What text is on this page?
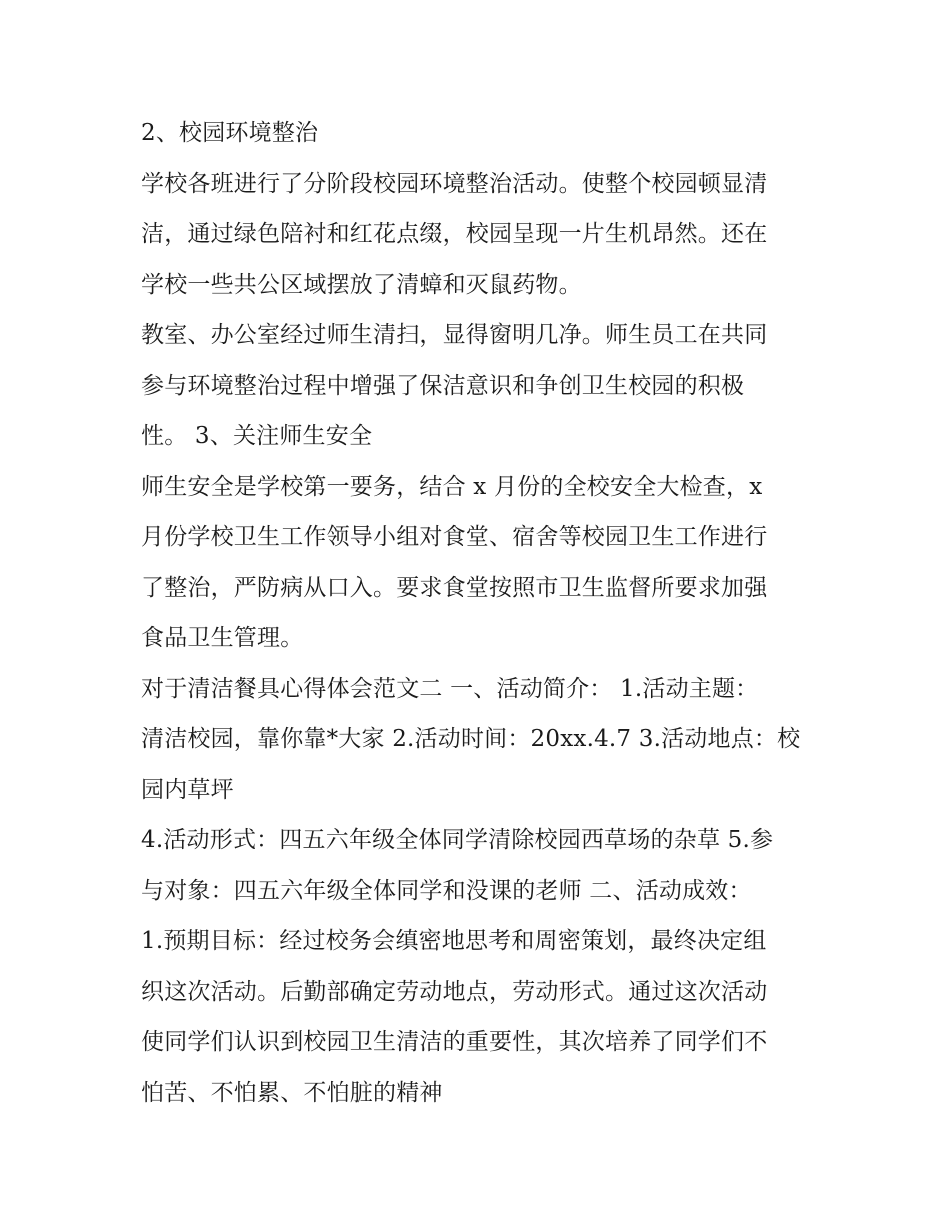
2、校园环境整治
学校各班进行了分阶段校园环境整治活动。使整个校园顿显清
洁，通过绿色陪衬和红花点缀，校园呈现一片生机昂然。还在
学校一些共公区域摆放了清蟑和灭鼠药物。
教室、办公室经过师生清扫，显得窗明几净。师生员工在共同
参与环境整治过程中增强了保洁意识和争创卫生校园的积极
性。 3、关注师生安全
师生安全是学校第一要务，结合 x 月份的全校安全大检查，x
月份学校卫生工作领导小组对食堂、宿舍等校园卫生工作进行
了整治，严防病从口入。要求食堂按照市卫生监督所要求加强
食品卫生管理。
对于清洁餐具心得体会范文二 一、活动简介： 1.活动主题：
清洁校园，靠你靠*大家 2.活动时间：20xx.4.7 3.活动地点：校
园内草坪
4.活动形式：四五六年级全体同学清除校园西草场的杂草 5.参
与对象：四五六年级全体同学和没课的老师 二、活动成效：
1.预期目标：经过校务会缜密地思考和周密策划，最终决定组
织这次活动。后勤部确定劳动地点，劳动形式。通过这次活动
使同学们认识到校园卫生清洁的重要性，其次培养了同学们不
怕苦、不怕累、不怕脏的精神
